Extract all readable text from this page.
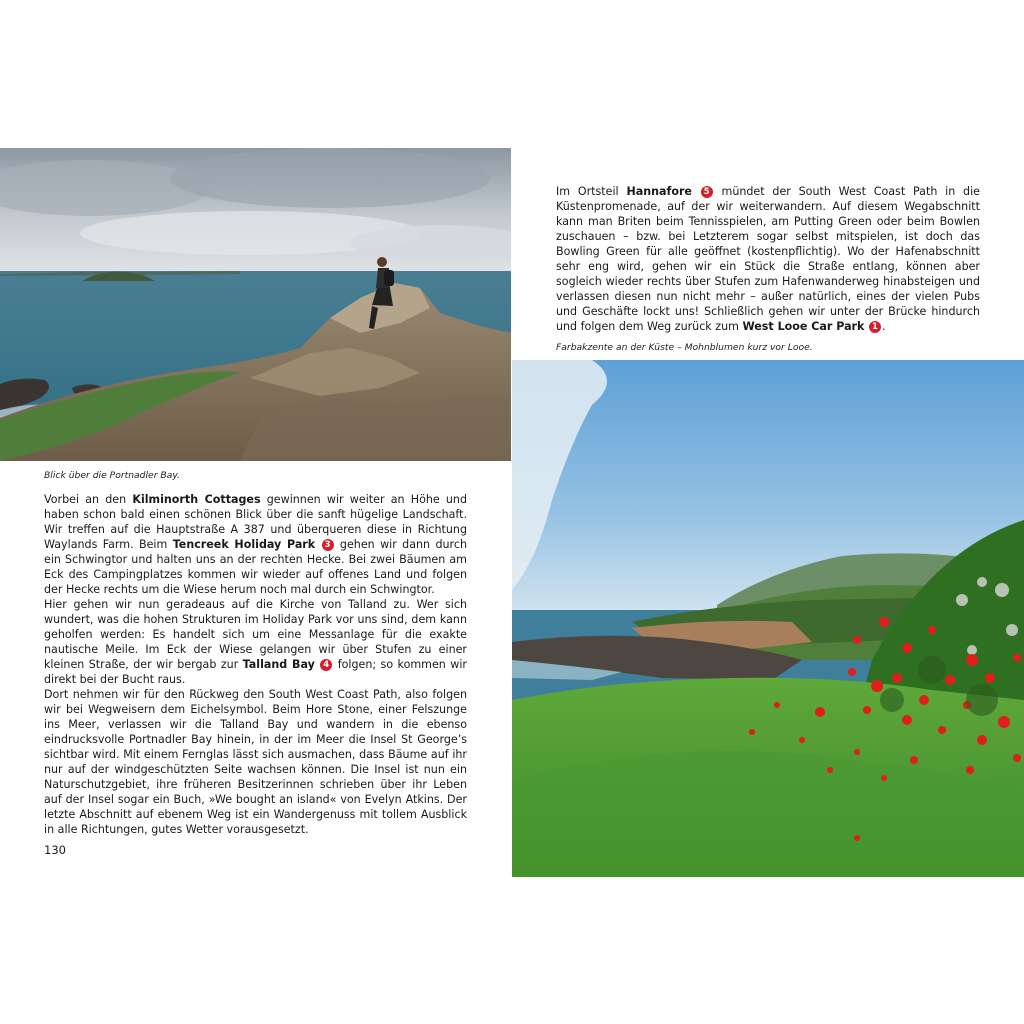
Blick über die Portnadler Bay.

Vorbei an den Kilminorth Cottages gewinnen wir weiter an Höhe und haben schon bald einen schönen Blick über die sanft hügelige Landschaft. Wir treffen auf die Hauptstraße A 387 und überqueren diese in Richtung Waylands Farm. Beim Tencreek Holiday Park 3 gehen wir dann durch ein Schwingtor und halten uns an der rechten Hecke. Bei zwei Bäumen am Eck des Campingplatzes kommen wir wieder auf offenes Land und folgen der Hecke rechts um die Wiese herum noch mal durch ein Schwingtor.

Hier gehen wir nun geradeaus auf die Kirche von Talland zu. Wer sich wundert, was die hohen Strukturen im Holiday Park vor uns sind, dem kann geholfen werden: Es handelt sich um eine Messanlage für die exakte nautische Meile. Im Eck der Wiese gelangen wir über Stufen zu einer kleinen Straße, der wir bergab zur Talland Bay 4 folgen; so kommen wir direkt bei der Bucht raus.

Dort nehmen wir für den Rückweg den South West Coast Path, also folgen wir bei Wegweisern dem Eichelsymbol. Beim Hore Stone, einer Felszunge ins Meer, verlassen wir die Talland Bay und wandern in die ebenso eindrucksvolle Portnadler Bay hinein, in der im Meer die Insel St George’s sichtbar wird. Mit einem Fernglas lässt sich ausmachen, dass Bäume auf ihr nur auf der windgeschützten Seite wachsen können. Die Insel ist nun ein Naturschutzgebiet, ihre früheren Besitzerinnen schrieben über ihr Leben auf der Insel sogar ein Buch, »We bought an island« von Evelyn Atkins. Der letzte Abschnitt auf ebenem Weg ist ein Wandergenuss mit tollem Ausblick in alle Richtungen, gutes Wetter vorausgesetzt.

130

Im Ortsteil Hannafore 5 mündet der South West Coast Path in die Küstenpromenade, auf der wir weiterwandern. Auf diesem Wegabschnitt kann man Briten beim Tennisspielen, am Putting Green oder beim Bowlen zuschauen – bzw. bei Letzterem sogar selbst mitspielen, ist doch das Bowling Green für alle geöffnet (kostenpflichtig). Wo der Hafenabschnitt sehr eng wird, gehen wir ein Stück die Straße entlang, können aber sogleich wieder rechts über Stufen zum Hafenwanderweg hinabsteigen und verlassen diesen nun nicht mehr – außer natürlich, eines der vielen Pubs und Geschäfte lockt uns! Schließlich gehen wir unter der Brücke hindurch und folgen dem Weg zurück zum West Looe Car Park 1 .

Farbakzente an der Küste – Mohnblumen kurz vor Looe.
